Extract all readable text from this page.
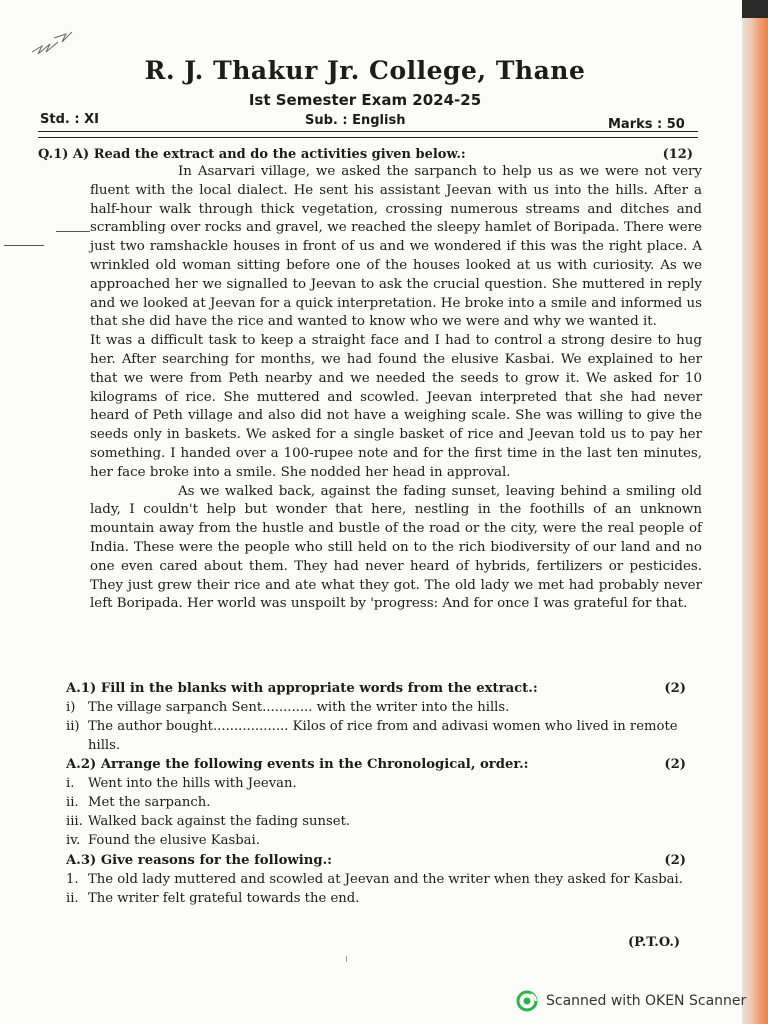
R. J. Thakur Jr. College, Thane
Ist Semester Exam 2024-25
Std. : XI	Sub. : English	Marks : 50
Q.1) A) Read the extract and do the activities given below.:	(12)

In Asarvari village, we asked the sarpanch to help us as we were not very fluent with the local dialect. He sent his assistant Jeevan with us into the hills. After a half-hour walk through thick vegetation, crossing numerous streams and ditches and scrambling over rocks and gravel, we reached the sleepy hamlet of Boripada. There were just two ramshackle houses in front of us and we wondered if this was the right place. A wrinkled old woman sitting before one of the houses looked at us with curiosity. As we approached her we signalled to Jeevan to ask the crucial question. She muttered in reply and we looked at Jeevan for a quick interpretation. He broke into a smile and informed us that she did have the rice and wanted to know who we were and why we wanted it.

It was a difficult task to keep a straight face and I had to control a strong desire to hug her. After searching for months, we had found the elusive Kasbai. We explained to her that we were from Peth nearby and we needed the seeds to grow it. We asked for 10 kilograms of rice. She muttered and scowled. Jeevan interpreted that she had never heard of Peth village and also did not have a weighing scale. She was willing to give the seeds only in baskets. We asked for a single basket of rice and Jeevan told us to pay her something. I handed over a 100-rupee note and for the first time in the last ten minutes, her face broke into a smile. She nodded her head in approval.

As we walked back, against the fading sunset, leaving behind a smiling old lady, I couldn't help but wonder that here, nestling in the foothills of an unknown mountain away from the hustle and bustle of the road or the city, were the real people of India. These were the people who still held on to the rich biodiversity of our land and no one even cared about them. They had never heard of hybrids, fertilizers or pesticides. They just grew their rice and ate what they got. The old lady we met had probably never left Boripada. Her world was unspoilt by 'progress: And for once I was grateful for that.

A.1) Fill in the blanks with appropriate words from the extract.:	(2)
i) The village sarpanch Sent............ with the writer into the hills.
ii) The author bought.................. Kilos of rice from and adivasi women who lived in remote hills.
A.2) Arrange the following events in the Chronological, order.:	(2)
i. Went into the hills with Jeevan.
ii. Met the sarpanch.
iii. Walked back against the fading sunset.
iv. Found the elusive Kasbai.
A.3) Give reasons for the following.:	(2)
1. The old lady muttered and scowled at Jeevan and the writer when they asked for Kasbai.
ii. The writer felt grateful towards the end.
(P.T.O.)
Scanned with OKEN Scanner
